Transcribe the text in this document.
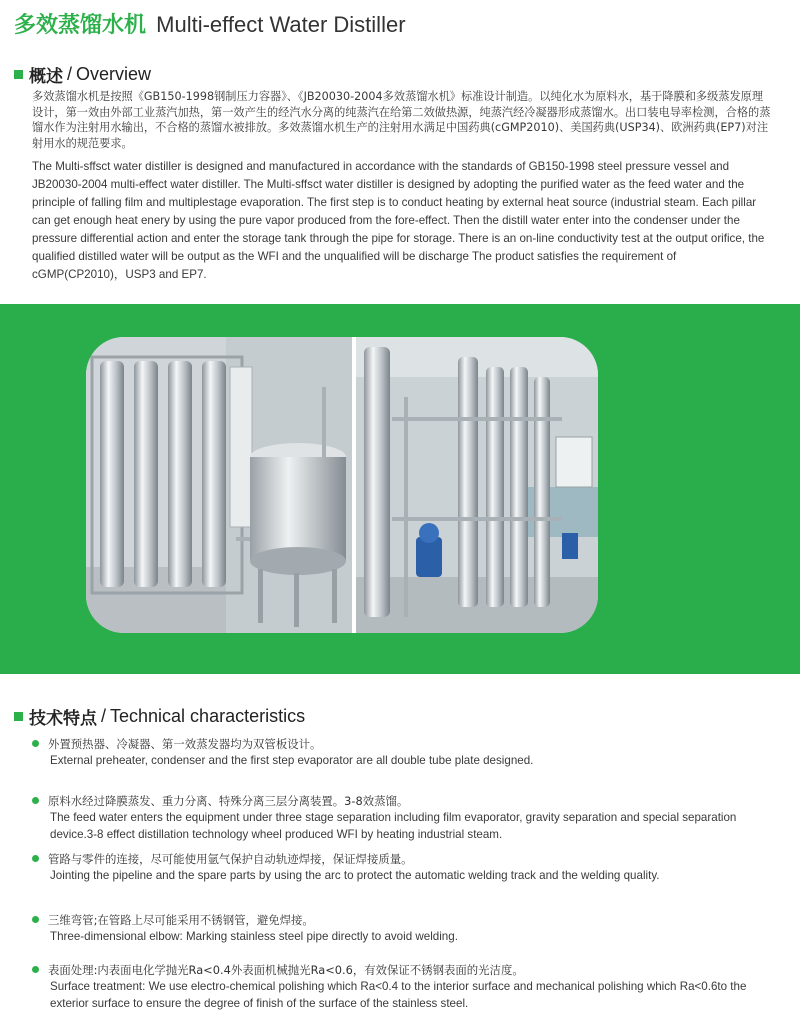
多效蒸馏水机 Multi-effect Water Distiller
概述 / Overview

多效蒸馏水机是按照《GB150-1998钢制压力容器》、《JB20030-2004多效蒸馏水机》标准设计制造。以纯化水为原料水，基于降膜和多级蒸发原理设计，第一效由外部工业蒸汽加热，第一效产生的经汽水分离的纯蒸汽在给第二效做热源，纯蒸汽经冷凝器形成蒸馏水。出口装电导率检测，合格的蒸馏水作为注射用水输出，不合格的蒸馏水被排放。多效蒸馏水机生产的注射用水满足中国药典(cGMP2010)、美国药典(USP34)、欧洲药典(EP7)对注射用水的规范要求。

The Multi-sffsct water distiller is designed and manufactured in accordance with the standards of GB150-1998 steel pressure vessel and JB20030-2004 multi-effect water distiller. The Multi-sffsct water distiller is designed by adopting the purified water as the feed water and the principle of falling film and multiplestage evaporation. The first step is to conduct heating by external heat source (industrial steam. Each pillar can get enough heat enery by using the pure vapor produced from the fore-effect. Then the distill water enter into the condenser under the pressure differential action and enter the storage tank through the pipe for storage. There is an on-line conductivity test at the output orifice, the qualified distilled water will be output as the WFI and the unqualified will be discharge The product satisfies the requirement of cGMP(CP2010)，USP3 and EP7.

技术特点 / Technical characteristics
外置预热器、冷凝器、第一效蒸发器均为双管板设计。
External preheater, condenser and the first step evaporator are all double tube plate designed.
原料水经过降膜蒸发、重力分离、特殊分离三层分离装置。3-8效蒸馏。
The feed water enters the equipment under three stage separation including film evaporator, gravity separation and special separation device.3-8 effect distillation technology wheel produced WFI by heating industrial steam.
管路与零件的连接，尽可能使用氩气保护自动轨迹焊接，保证焊接质量。
Jointing the pipeline and the spare parts by using the arc to protect the automatic welding track and the welding quality.
三维弯管;在管路上尽可能采用不锈钢管，避免焊接。
Three-dimensional elbow: Marking stainless steel pipe directly to avoid welding.
表面处理:内表面电化学抛光Ra<0.4外表面机械抛光Ra<0.6，有效保证不锈钢表面的光洁度。
Surface treatment: We use electro-chemical polishing which Ra<0.4 to the interior surface and mechanical polishing which Ra<0.6to the exterior surface to ensure the degree of finish of the surface of the stainless steel.
